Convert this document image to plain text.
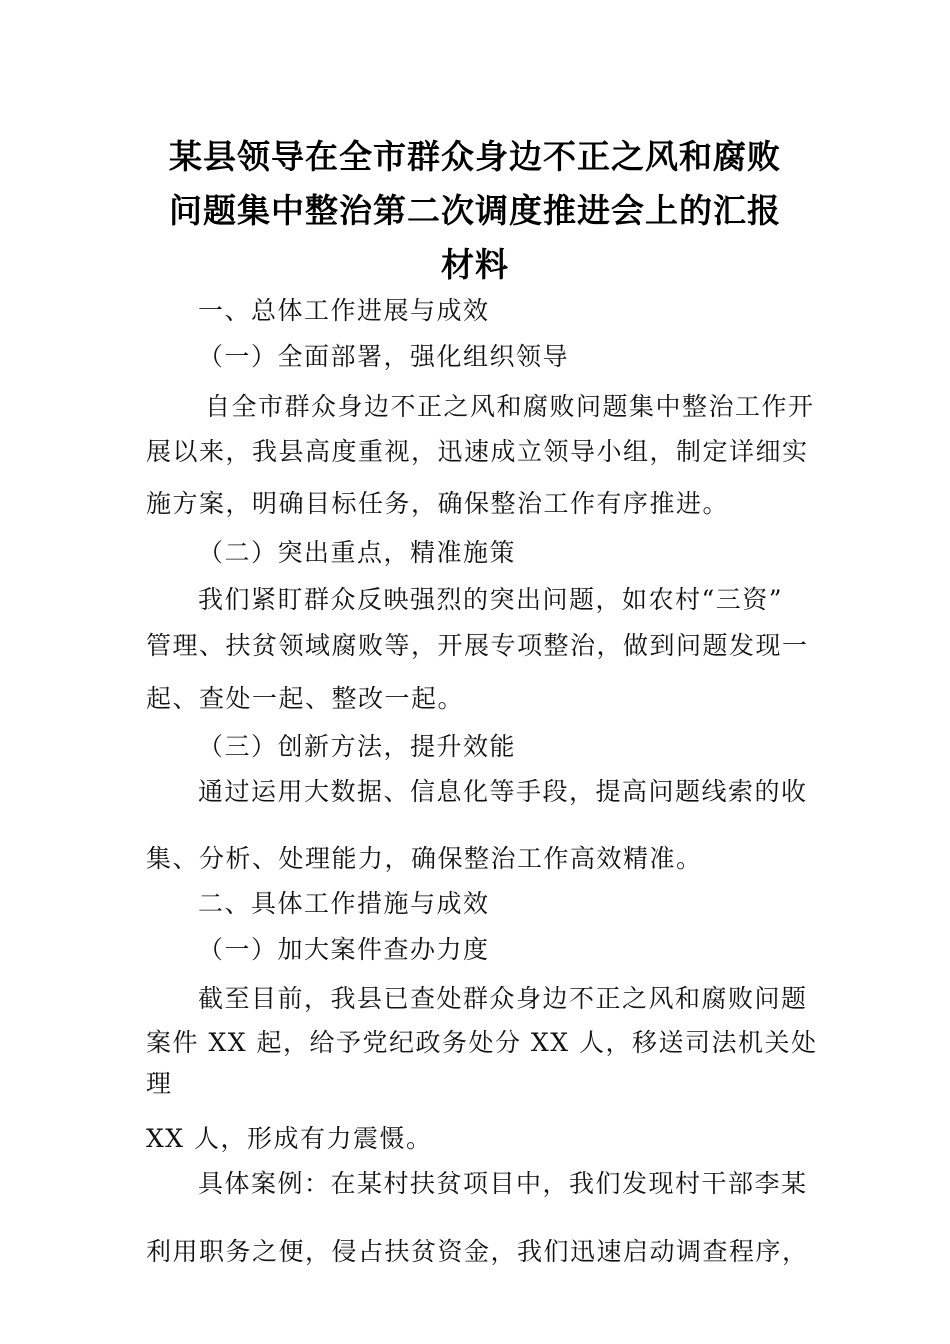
某县领导在全市群众身边不正之风和腐败
问题集中整治第二次调度推进会上的汇报
材料
一、总体工作进展与成效
（一）全面部署，强化组织领导
自全市群众身边不正之风和腐败问题集中整治工作开
展以来，我县高度重视，迅速成立领导小组，制定详细实
施方案，明确目标任务，确保整治工作有序推进。
（二）突出重点，精准施策
我们紧盯群众反映强烈的突出问题，如农村“三资”
管理、扶贫领域腐败等，开展专项整治，做到问题发现一
起、查处一起、整改一起。
（三）创新方法，提升效能
通过运用大数据、信息化等手段，提高问题线索的收
集、分析、处理能力，确保整治工作高效精准。
二、具体工作措施与成效
（一）加大案件查办力度
截至目前，我县已查处群众身边不正之风和腐败问题
案件 XX 起，给予党纪政务处分 XX 人，移送司法机关处
理
XX 人，形成有力震慑。
具体案例：在某村扶贫项目中，我们发现村干部李某
利用职务之便，侵占扶贫资金，我们迅速启动调查程序，
